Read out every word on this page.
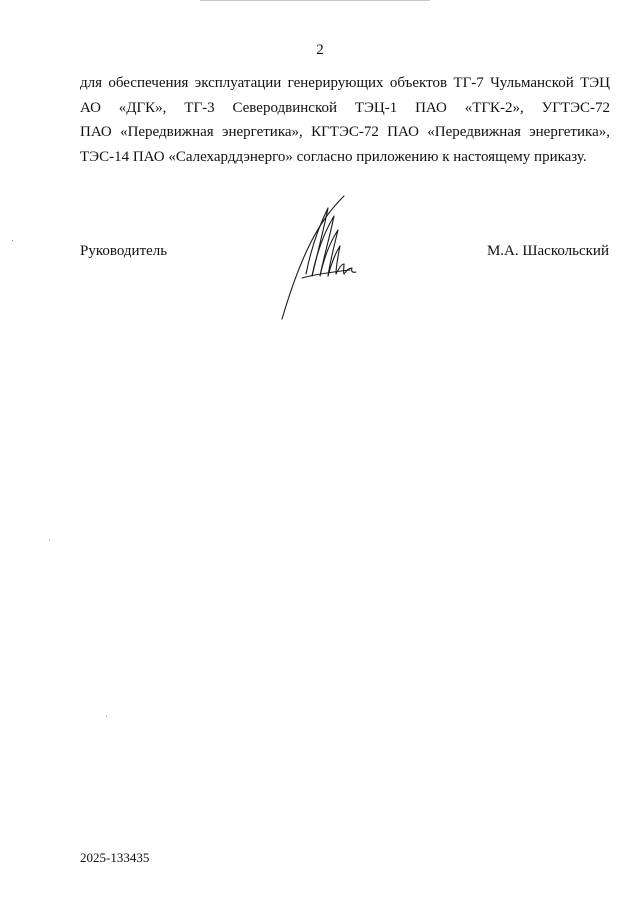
2
для обеспечения эксплуатации генерирующих объектов ТГ-7 Чульманской ТЭЦ
АО «ДГК», ТГ-3 Северодвинской ТЭЦ-1 ПАО «ТГК-2», УГТЭС-72
ПАО «Передвижная энергетика», КГТЭС-72 ПАО «Передвижная энергетика»,
ТЭС-14 ПАО «Салехарддэнерго» согласно приложению к настоящему приказу.
Руководитель	М.А. Шаскольский
2025-133435
